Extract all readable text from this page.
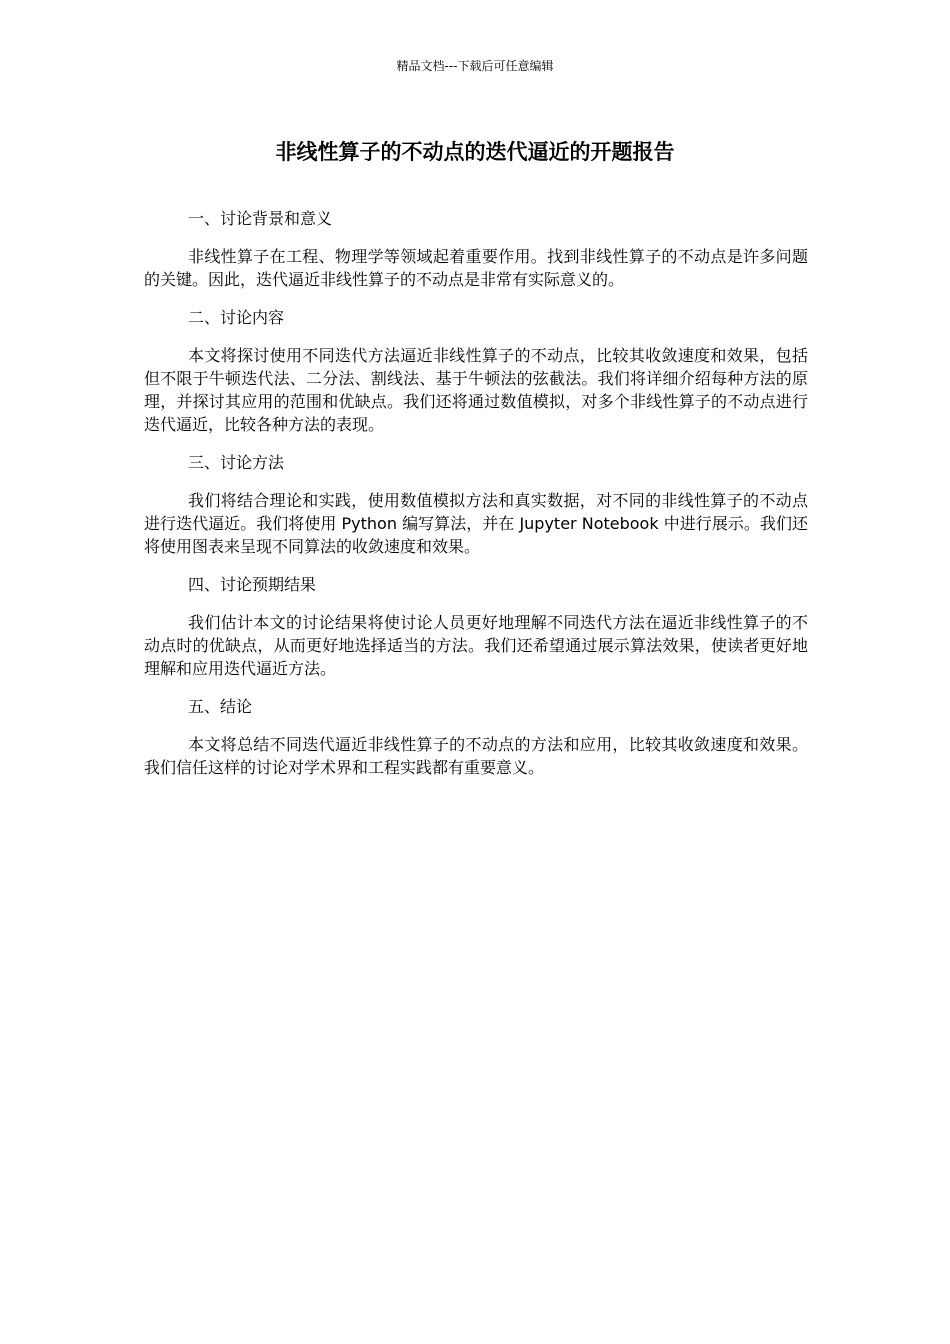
精品文档---下载后可任意编辑
非线性算子的不动点的迭代逼近的开题报告

一、讨论背景和意义

非线性算子在工程、物理学等领域起着重要作用。找到非线性算子的不动点是许多问题的关键。因此，迭代逼近非线性算子的不动点是非常有实际意义的。

二、讨论内容

本文将探讨使用不同迭代方法逼近非线性算子的不动点，比较其收敛速度和效果，包括但不限于牛顿迭代法、二分法、割线法、基于牛顿法的弦截法。我们将详细介绍每种方法的原理，并探讨其应用的范围和优缺点。我们还将通过数值模拟，对多个非线性算子的不动点进行迭代逼近，比较各种方法的表现。

三、讨论方法

我们将结合理论和实践，使用数值模拟方法和真实数据，对不同的非线性算子的不动点进行迭代逼近。我们将使用 Python 编写算法，并在 Jupyter Notebook 中进行展示。我们还将使用图表来呈现不同算法的收敛速度和效果。

四、讨论预期结果

我们估计本文的讨论结果将使讨论人员更好地理解不同迭代方法在逼近非线性算子的不动点时的优缺点，从而更好地选择适当的方法。我们还希望通过展示算法效果，使读者更好地理解和应用迭代逼近方法。

五、结论

本文将总结不同迭代逼近非线性算子的不动点的方法和应用，比较其收敛速度和效果。我们信任这样的讨论对学术界和工程实践都有重要意义。
